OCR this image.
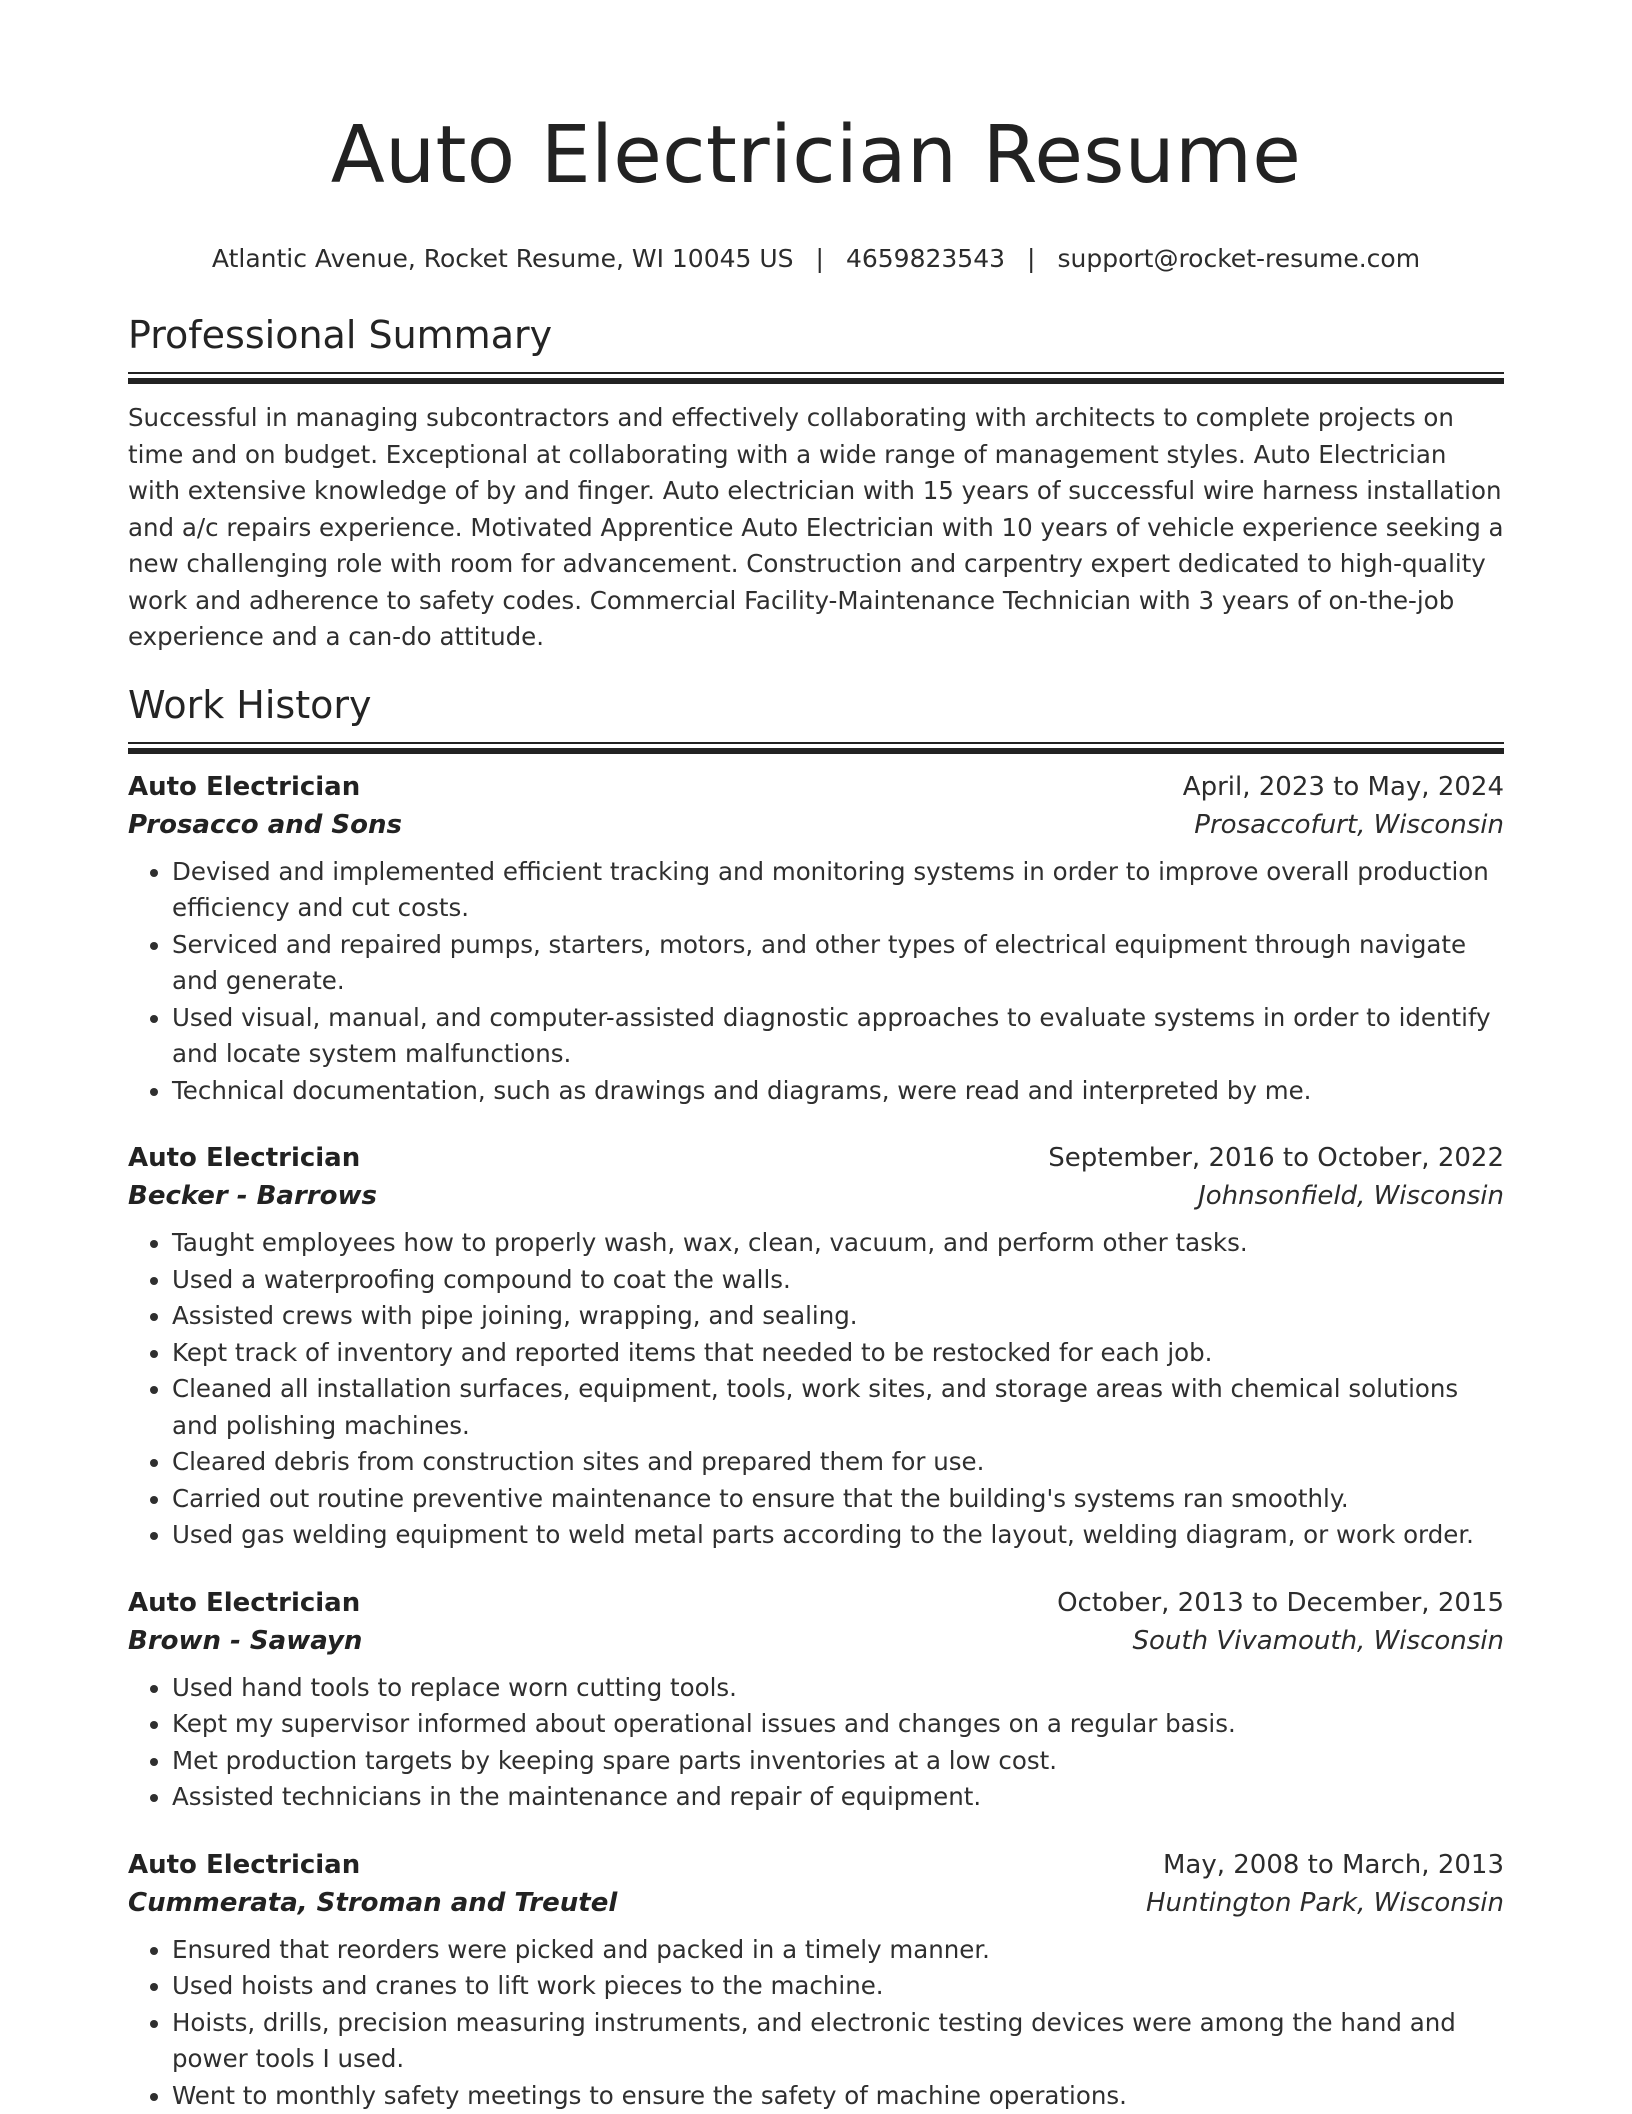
Auto Electrician Resume
Atlantic Avenue, Rocket Resume, WI 10045 US | 4659823543 | support@rocket-resume.com
Professional Summary

Successful in managing subcontractors and effectively collaborating with architects to complete projects on time and on budget. Exceptional at collaborating with a wide range of management styles. Auto Electrician with extensive knowledge of by and finger. Auto electrician with 15 years of successful wire harness installation and a/c repairs experience. Motivated Apprentice Auto Electrician with 10 years of vehicle experience seeking a new challenging role with room for advancement. Construction and carpentry expert dedicated to high-quality work and adherence to safety codes. Commercial Facility-Maintenance Technician with 3 years of on-the-job experience and a can-do attitude.

Work History
Auto Electrician	April, 2023 to May, 2024
Prosacco and Sons	Prosaccofurt, Wisconsin
• Devised and implemented efficient tracking and monitoring systems in order to improve overall production efficiency and cut costs.
• Serviced and repaired pumps, starters, motors, and other types of electrical equipment through navigate and generate.
• Used visual, manual, and computer-assisted diagnostic approaches to evaluate systems in order to identify and locate system malfunctions.
• Technical documentation, such as drawings and diagrams, were read and interpreted by me.
Auto Electrician	September, 2016 to October, 2022
Becker - Barrows	Johnsonfield, Wisconsin
• Taught employees how to properly wash, wax, clean, vacuum, and perform other tasks.
• Used a waterproofing compound to coat the walls.
• Assisted crews with pipe joining, wrapping, and sealing.
• Kept track of inventory and reported items that needed to be restocked for each job.
• Cleaned all installation surfaces, equipment, tools, work sites, and storage areas with chemical solutions and polishing machines.
• Cleared debris from construction sites and prepared them for use.
• Carried out routine preventive maintenance to ensure that the building's systems ran smoothly.
• Used gas welding equipment to weld metal parts according to the layout, welding diagram, or work order.
Auto Electrician	October, 2013 to December, 2015
Brown - Sawayn	South Vivamouth, Wisconsin
• Used hand tools to replace worn cutting tools.
• Kept my supervisor informed about operational issues and changes on a regular basis.
• Met production targets by keeping spare parts inventories at a low cost.
• Assisted technicians in the maintenance and repair of equipment.
Auto Electrician	May, 2008 to March, 2013
Cummerata, Stroman and Treutel	Huntington Park, Wisconsin
• Ensured that reorders were picked and packed in a timely manner.
• Used hoists and cranes to lift work pieces to the machine.
• Hoists, drills, precision measuring instruments, and electronic testing devices were among the hand and power tools I used.
• Went to monthly safety meetings to ensure the safety of machine operations.
